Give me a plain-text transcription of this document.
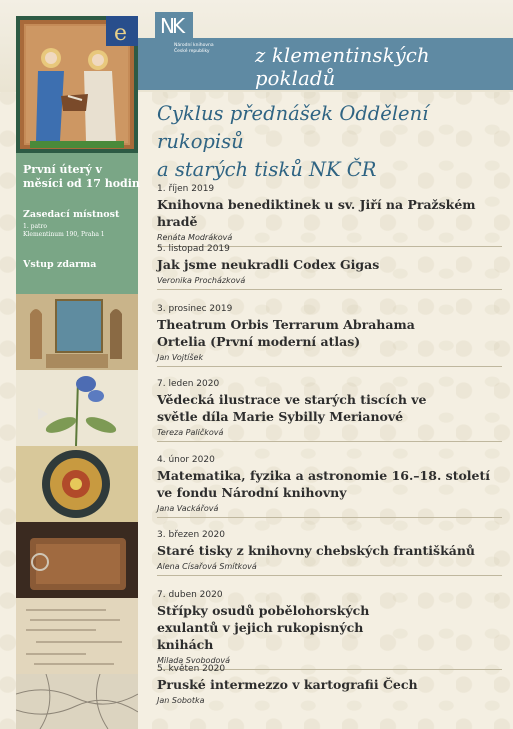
NK
Národní knihovna
České republiky z klementinských pokladů
e
První úterý v měsíci od 17 hodin
Zasedací místnost
1. patro
Klementinum 190, Praha 1
Vstup zdarma
Cyklus přednášek Oddělení rukopisů
a starých tisků NK ČR
1. říjen 2019
Knihovna benediktinek u sv. Jiří na Pražském hradě
Renáta Modráková
5. listopad 2019
Jak jsme neukradli Codex Gigas
Veronika Procházková
3. prosinec 2019
Theatrum Orbis Terrarum Abrahama Ortelia (První moderní atlas)
Jan Vojtíšek
7. leden 2020
Vědecká ilustrace ve starých tiscích ve světle díla Marie Sybilly Merianové
Tereza Paličková
4. únor 2020
Matematika, fyzika a astronomie 16.–18. století ve fondu Národní knihovny
Jana Vackářová
3. březen 2020
Staré tisky z knihovny chebských františkánů
Alena Císařová Smítková
7. duben 2020
Střípky osudů pobělohorských exulantů v jejich rukopisných knihách
Milada Svobodová
5. květen 2020
Pruské intermezzo v kartografii Čech
Jan Sobotka
